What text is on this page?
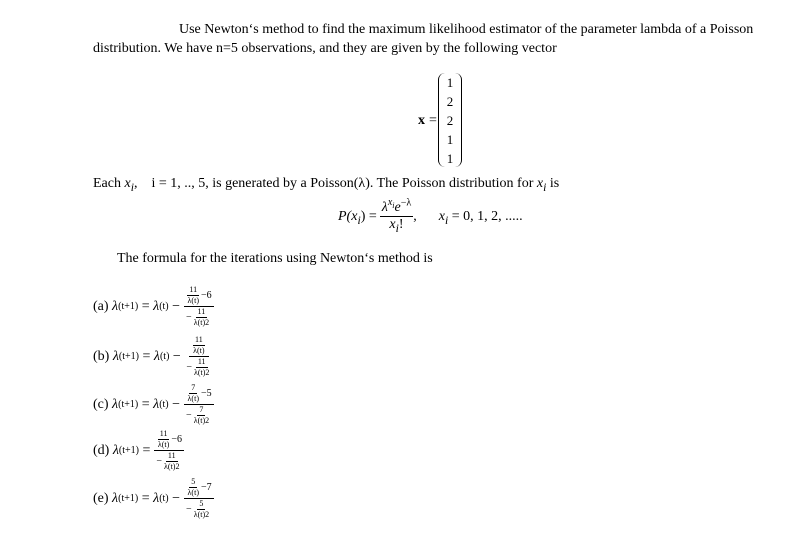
Use Newton‘s method to find the maximum likelihood estimator of the parameter lambda of a Poisson
distribution. We have n=5 observations, and they are given by the following vector
x =
1
2
2
1
1
Each $x_i$, i = 1, .., 5, is generated by a Poisson(λ). The Poisson distribution for $x_i$ is
$P(x_i) = \frac{\lambda^{x_i}e^{-\lambda}}{x_i!}$ , $x_i = 0$, 1, 2, .....
The formula for the iterations using Newton‘s method is
(a)
λ (t+1)
=
λ (t)
−
$\frac{\frac{11}{\lambda(t)} -6}{- \frac{11}{\lambda(t)2}}$
(b)
λ (t+1)
=
λ (t)
−
$\frac{\frac{11}{\lambda(t)}}{- \frac{11}{\lambda(t)2}}$
(c)
λ (t+1)
=
λ (t)
−
$\frac{\frac{7}{\lambda(t)} -5}{- \frac{7}{\lambda(t)2}}$
(d)
λ (t+1)
=
$\frac{\frac{11}{\lambda(t)} -6}{- \frac{11}{\lambda(t)2}}$
(e)
λ (t+1)
=
λ (t)
−
$\frac{\frac{5}{\lambda(t)} -7}{- \frac{5}{\lambda(t)2}}$
